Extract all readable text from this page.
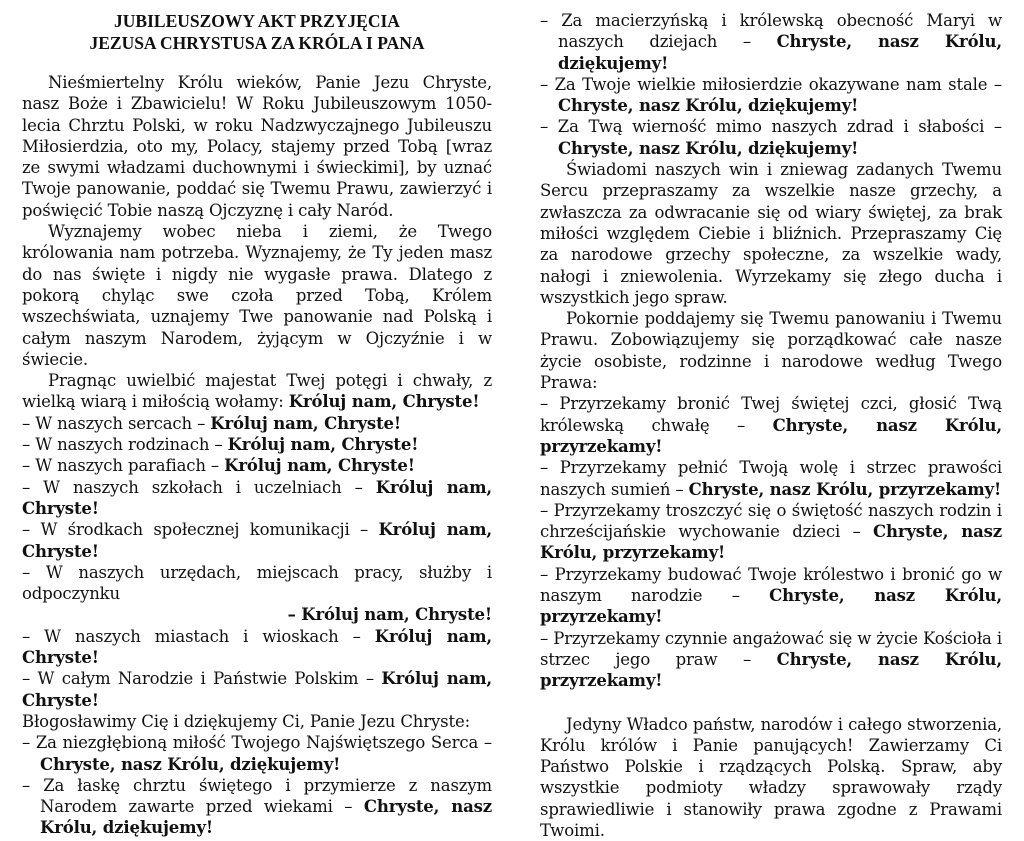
JUBILEUSZOWY AKT PRZYJĘCIA
JEZUSA CHRYSTUSA ZA KRÓLA I PANA

Nieśmiertelny Królu wieków, Panie Jezu Chryste, nasz Boże i Zbawicielu! W Roku Jubileuszowym 1050-lecia Chrztu Polski, w roku Nadzwyczajnego Jubileuszu Miłosierdzia, oto my, Polacy, stajemy przed Tobą [wraz ze swymi władzami duchownymi i świeckimi], by uznać Twoje panowanie, poddać się Twemu Prawu, zawierzyć i poświęcić Tobie naszą Ojczyznę i cały Naród.

Wyznajemy wobec nieba i ziemi, że Twego królowania nam potrzeba. Wyznajemy, że Ty jeden masz do nas święte i nigdy nie wygasłe prawa. Dlatego z pokorą chyląc swe czoła przed Tobą, Królem wszechświata, uznajemy Twe panowanie nad Polską i całym naszym Narodem, żyjącym w Ojczyźnie i w świecie.

Pragnąc uwielbić majestat Twej potęgi i chwały, z wielką wiarą i miłością wołamy: Króluj nam, Chryste!

– W naszych sercach – Króluj nam, Chryste!

– W naszych rodzinach – Króluj nam, Chryste!

– W naszych parafiach – Króluj nam, Chryste!

– W naszych szkołach i uczelniach – Króluj nam, Chryste!

– W środkach społecznej komunikacji – Króluj nam, Chryste!

– W naszych urzędach, miejscach pracy, służby i odpoczynku
– Króluj nam, Chryste!

– W naszych miastach i wioskach – Króluj nam, Chryste!

– W całym Narodzie i Państwie Polskim – Króluj nam, Chryste!

Błogosławimy Cię i dziękujemy Ci, Panie Jezu Chryste:

– Za niezgłębioną miłość Twojego Najświętszego Serca – Chryste, nasz Królu, dziękujemy!

– Za łaskę chrztu świętego i przymierze z naszym Narodem zawarte przed wiekami – Chryste, nasz Królu, dziękujemy!

– Za macierzyńską i królewską obecność Maryi w naszych dziejach – Chryste, nasz Królu, dziękujemy!

– Za Twoje wielkie miłosierdzie okazywane nam stale – Chryste, nasz Królu, dziękujemy!

– Za Twą wierność mimo naszych zdrad i słabości – Chryste, nasz Królu, dziękujemy!

Świadomi naszych win i zniewag zadanych Twemu Sercu przepraszamy za wszelkie nasze grzechy, a zwłaszcza za odwracanie się od wiary świętej, za brak miłości względem Ciebie i bliźnich. Przepraszamy Cię za narodowe grzechy społeczne, za wszelkie wady, nałogi i zniewolenia. Wyrzekamy się złego ducha i wszystkich jego spraw.

Pokornie poddajemy się Twemu panowaniu i Twemu Prawu. Zobowiązujemy się porządkować całe nasze życie osobiste, rodzinne i narodowe według Twego Prawa:

– Przyrzekamy bronić Twej świętej czci, głosić Twą królewską chwałę – Chryste, nasz Królu, przyrzekamy!

– Przyrzekamy pełnić Twoją wolę i strzec prawości naszych sumień – Chryste, nasz Królu, przyrzekamy!

– Przyrzekamy troszczyć się o świętość naszych rodzin i chrześcijańskie wychowanie dzieci – Chryste, nasz Królu, przyrzekamy!

– Przyrzekamy budować Twoje królestwo i bronić go w naszym narodzie – Chryste, nasz Królu, przyrzekamy!

– Przyrzekamy czynnie angażować się w życie Kościoła i strzec jego praw – Chryste, nasz Królu, przyrzekamy!

Jedyny Władco państw, narodów i całego stworzenia, Królu królów i Panie panujących! Zawierzamy Ci Państwo Polskie i rządzących Polską. Spraw, aby wszystkie podmioty władzy sprawowały rządy sprawiedliwie i stanowiły prawa zgodne z Prawami Twoimi.
